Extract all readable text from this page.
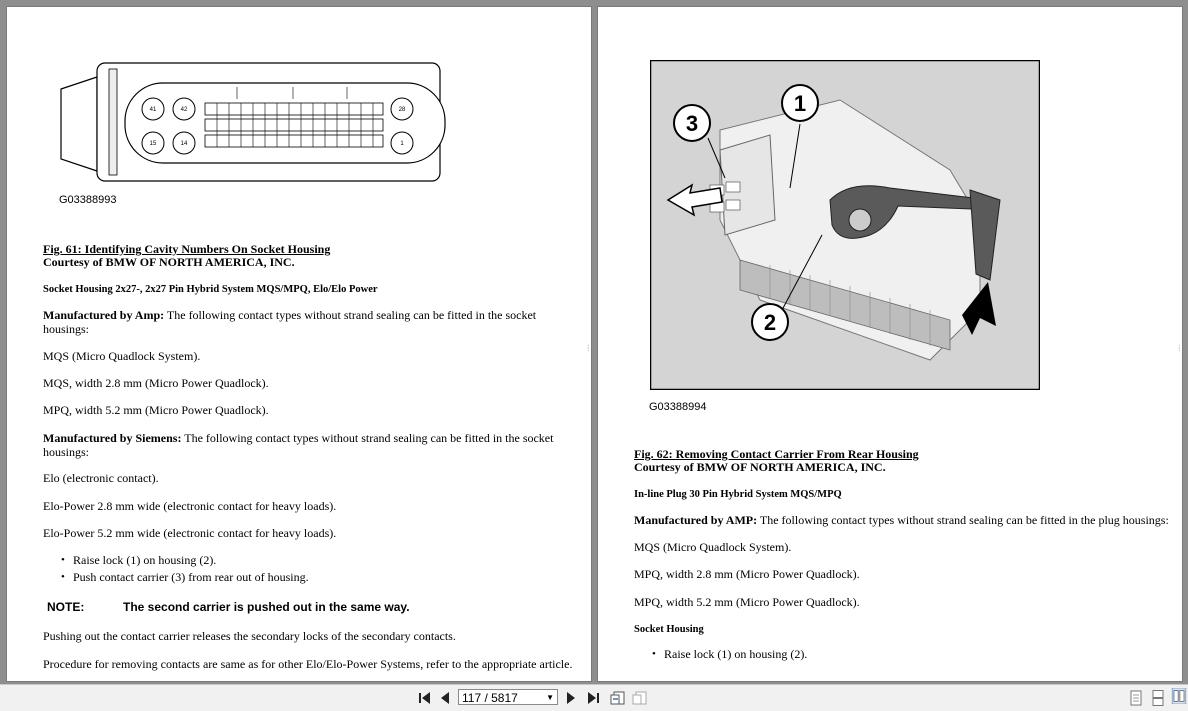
41	42	28
15	14	1
G03388993
Fig. 61: Identifying Cavity Numbers On Socket Housing
Courtesy of BMW OF NORTH AMERICA, INC.
Socket Housing 2x27-, 2x27 Pin Hybrid System MQS/MPQ, Elo/Elo Power
Manufactured by Amp: The following contact types without strand sealing can be fitted in the socket housings:
MQS (Micro Quadlock System).
MQS, width 2.8 mm (Micro Power Quadlock).
MPQ, width 5.2 mm (Micro Power Quadlock).
Manufactured by Siemens: The following contact types without strand sealing can be fitted in the socket housings:
Elo (electronic contact).
Elo-Power 2.8 mm wide (electronic contact for heavy loads).
Elo-Power 5.2 mm wide (electronic contact for heavy loads).
• Raise lock (1) on housing (2).
• Push contact carrier (3) from rear out of housing.
NOTE:	The second carrier is pushed out in the same way.
Pushing out the contact carrier releases the secondary locks of the secondary contacts.
Procedure for removing contacts are same as for other Elo/Elo-Power Systems, refer to the appropriate article.
⁞
1
2
3
G03388994
Fig. 62: Removing Contact Carrier From Rear Housing
Courtesy of BMW OF NORTH AMERICA, INC.
In-line Plug 30 Pin Hybrid System MQS/MPQ
Manufactured by AMP: The following contact types without strand sealing can be fitted in the plug housings:
MQS (Micro Quadlock System).
MPQ, width 2.8 mm (Micro Power Quadlock).
MPQ, width 5.2 mm (Micro Power Quadlock).
Socket Housing
• Raise lock (1) on housing (2).
⁞
117 / 5817	▼
